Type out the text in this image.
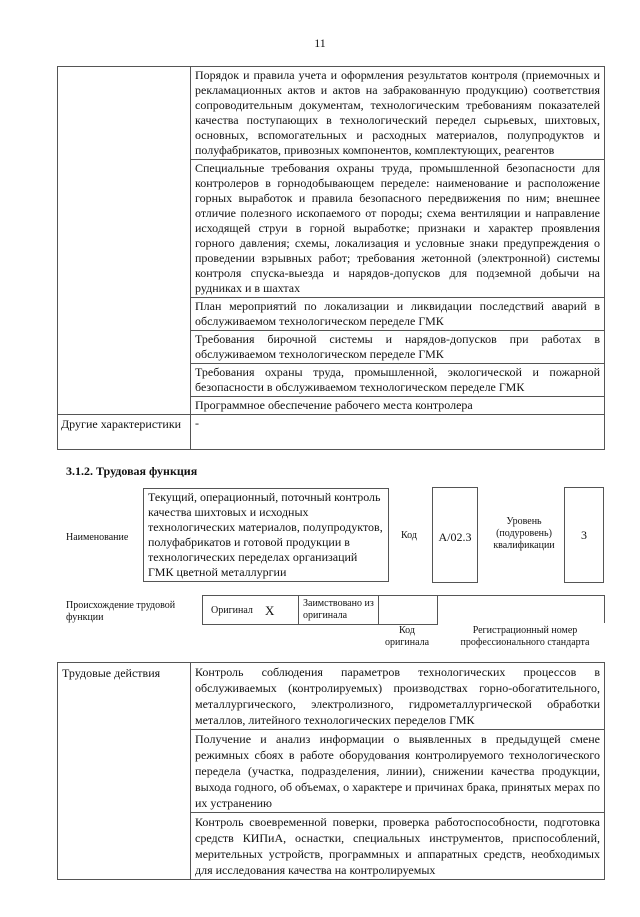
11
	Порядок и правила учета и оформления результатов контроля (приемочных и рекламационных актов и актов на забракованную продукцию) соответствия сопроводительным документам, технологическим требованиям показателей качества поступающих в технологический передел сырьевых, шихтовых, основных, вспомогательных и расходных материалов, полупродуктов и полуфабрикатов, привозных компонентов, комплектующих, реагентов
	Специальные требования охраны труда, промышленной безопасности для контролеров в горнодобывающем переделе: наименование и расположение горных выработок и правила безопасного передвижения по ним; внешнее отличие полезного ископаемого от породы; схема вентиляции и направление исходящей струи в горной выработке; признаки и характер проявления горного давления; схемы, локализация и условные знаки предупреждения о проведении взрывных работ; требования жетонной (электронной) системы контроля спуска-выезда и нарядов-допусков для подземной добычи на рудниках и в шахтах
	План мероприятий по локализации и ликвидации последствий аварий в обслуживаемом технологическом переделе ГМК
	Требования бирочной системы и нарядов-допусков при работах в обслуживаемом технологическом переделе ГМК
	Требования охраны труда, промышленной, экологической и пожарной безопасности в обслуживаемом технологическом переделе ГМК
	Программное обеспечение рабочего места контролера
Другие характеристики	-
3.1.2. Трудовая функция
Наименование
Текущий, операционный, поточный контроль качества шихтовых и исходных технологических материалов, полупродуктов, полуфабрикатов и готовой продукции в технологических переделах организаций ГМК цветной металлургии
Код	A/02.3
Уровень (подуровень) квалификации
3
Происхождение трудовой функции
Оригинал X	Заимствовано из оригинала
Код оригинала
Регистрационный номер профессионального стандарта
Трудовые действия	Контроль соблюдения параметров технологических процессов в обслуживаемых (контролируемых) производствах горно-обогатительного, металлургического, электролизного, гидрометаллургической обработки металлов, литейного технологических переделов ГМК
Получение и анализ информации о выявленных в предыдущей смене режимных сбоях в работе оборудования контролируемого технологического передела (участка, подразделения, линии), снижении качества продукции, выхода годного, об объемах, о характере и причинах брака, принятых мерах по их устранению
Контроль своевременной поверки, проверка работоспособности, подготовка средств КИПиА, оснастки, специальных инструментов, приспособлений, мерительных устройств, программных и аппаратных средств, необходимых для исследования качества на контролируемых
